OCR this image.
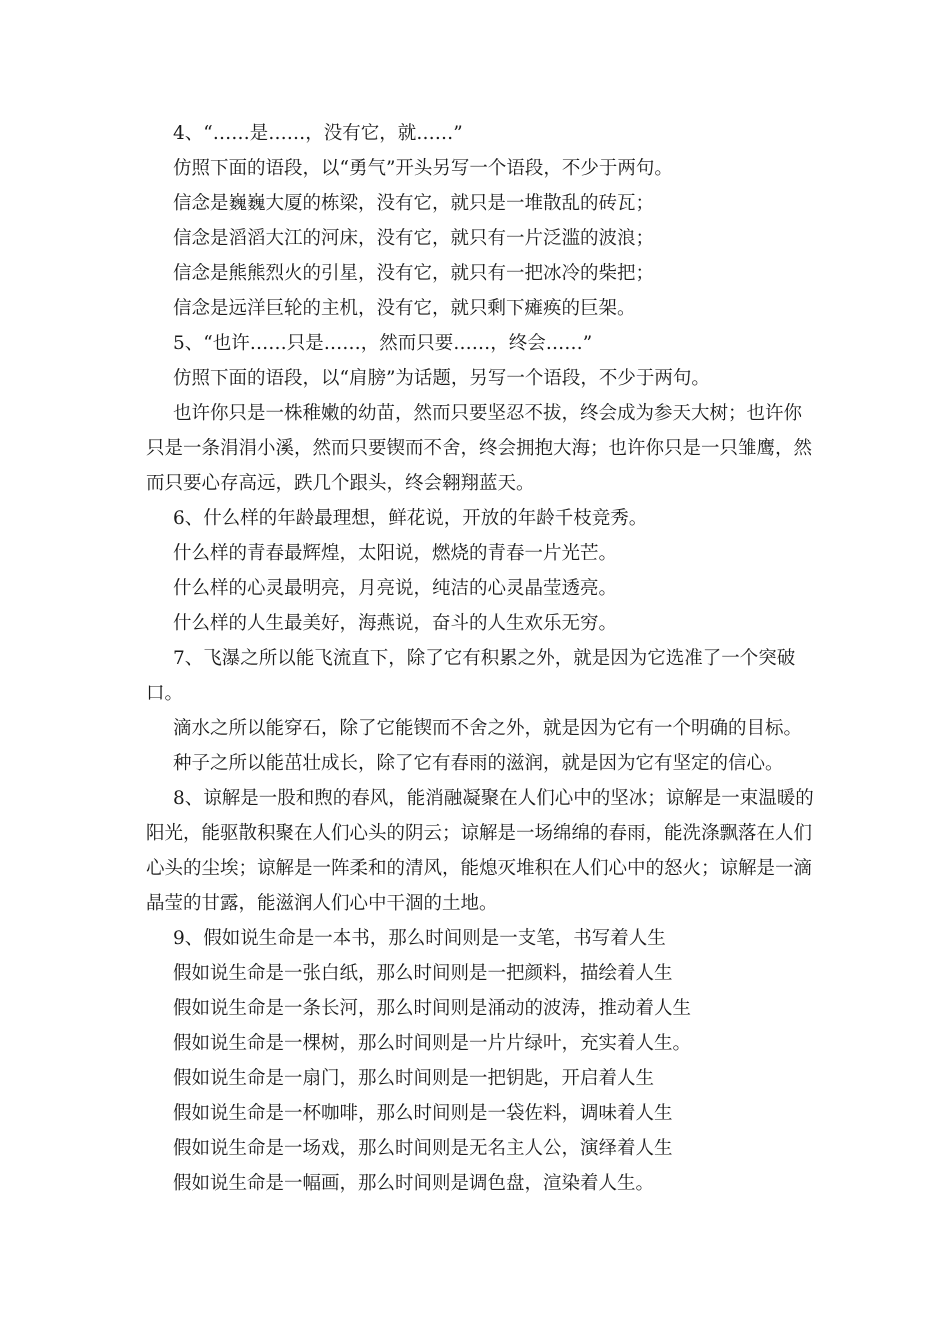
4、“……是……，没有它，就……”

仿照下面的语段，以“勇气”开头另写一个语段，不少于两句。

信念是巍巍大厦的栋梁，没有它，就只是一堆散乱的砖瓦；

信念是滔滔大江的河床，没有它，就只有一片泛滥的波浪；

信念是熊熊烈火的引星，没有它，就只有一把冰冷的柴把；

信念是远洋巨轮的主机，没有它，就只剩下瘫痪的巨架。

5、“也许……只是……，然而只要……，终会……”

仿照下面的语段，以“肩膀”为话题，另写一个语段，不少于两句。

也许你只是一株稚嫩的幼苗，然而只要坚忍不拔，终会成为参天大树；也许你只是一条涓涓小溪，然而只要锲而不舍，终会拥抱大海；也许你只是一只雏鹰，然而只要心存高远，跌几个跟头，终会翱翔蓝天。

6、什么样的年龄最理想，鲜花说，开放的年龄千枝竞秀。

什么样的青春最辉煌，太阳说，燃烧的青春一片光芒。

什么样的心灵最明亮，月亮说，纯洁的心灵晶莹透亮。

什么样的人生最美好，海燕说，奋斗的人生欢乐无穷。

7、飞瀑之所以能飞流直下，除了它有积累之外，就是因为它选准了一个突破口。

滴水之所以能穿石，除了它能锲而不舍之外，就是因为它有一个明确的目标。

种子之所以能茁壮成长，除了它有春雨的滋润，就是因为它有坚定的信心。

8、谅解是一股和煦的春风，能消融凝聚在人们心中的坚冰；谅解是一束温暖的阳光，能驱散积聚在人们心头的阴云；谅解是一场绵绵的春雨，能洗涤飘落在人们心头的尘埃；谅解是一阵柔和的清风，能熄灭堆积在人们心中的怒火；谅解是一滴晶莹的甘露，能滋润人们心中干涸的土地。

9、假如说生命是一本书，那么时间则是一支笔，书写着人生

假如说生命是一张白纸，那么时间则是一把颜料，描绘着人生

假如说生命是一条长河，那么时间则是涌动的波涛，推动着人生

假如说生命是一棵树，那么时间则是一片片绿叶，充实着人生。

假如说生命是一扇门，那么时间则是一把钥匙，开启着人生

假如说生命是一杯咖啡，那么时间则是一袋佐料，调味着人生

假如说生命是一场戏，那么时间则是无名主人公，演绎着人生

假如说生命是一幅画，那么时间则是调色盘，渲染着人生。
